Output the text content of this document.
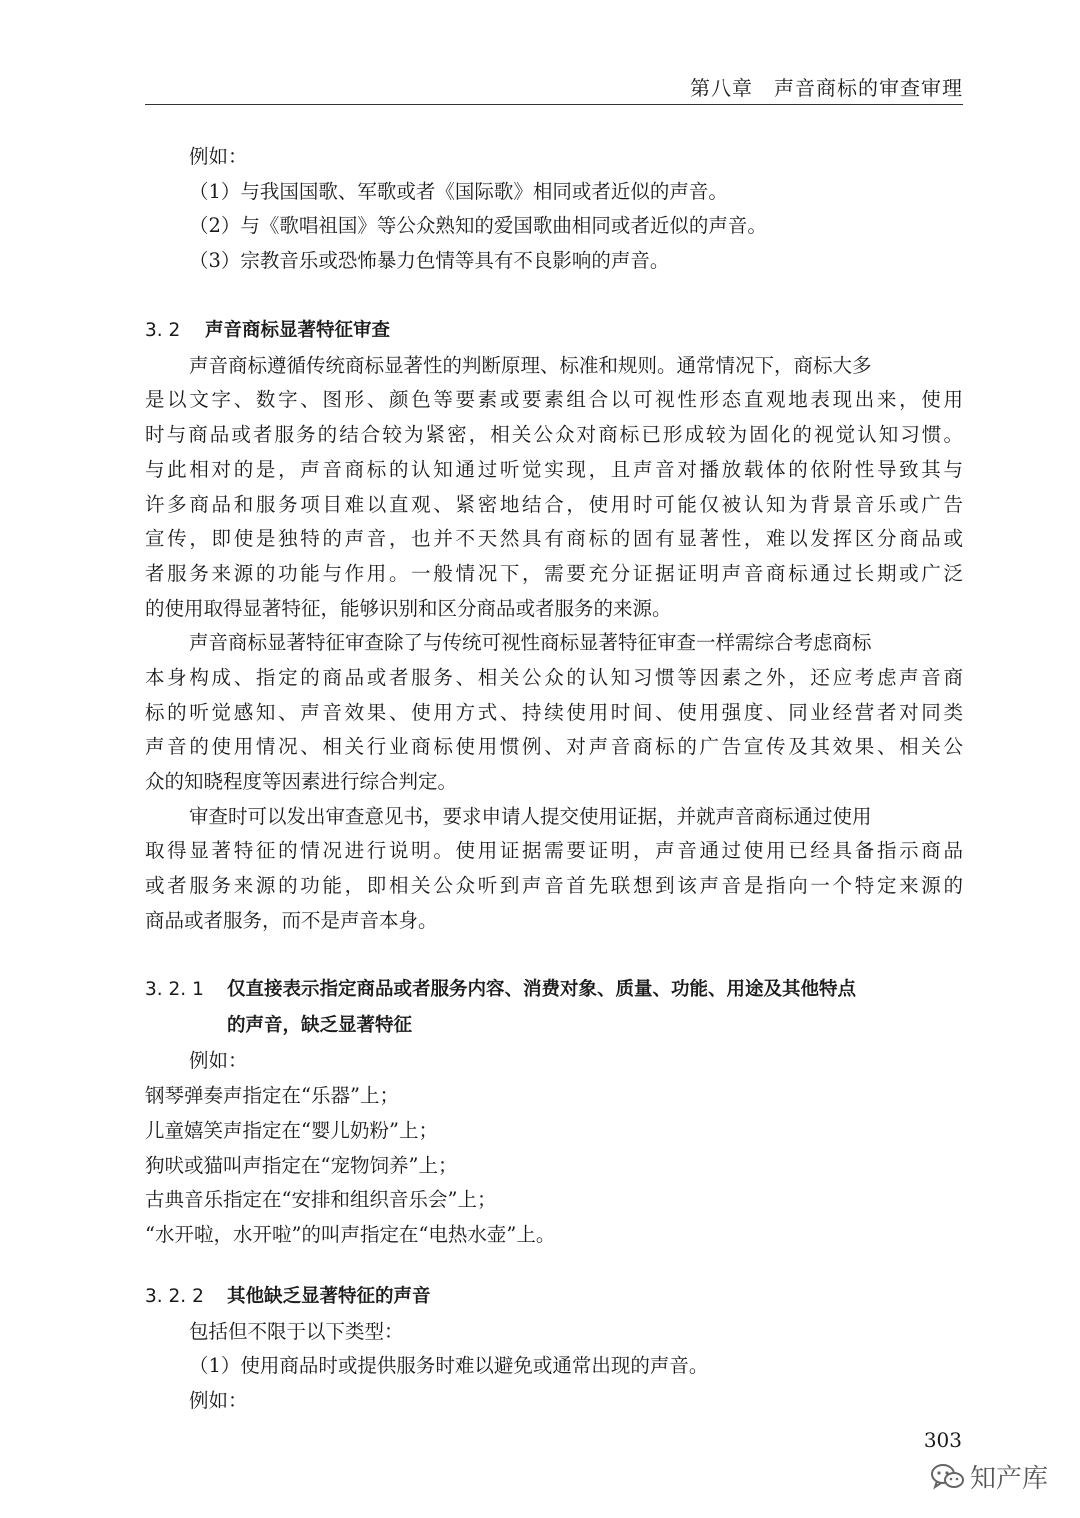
第八章　声音商标的审查审理
例如：
（1）与我国国歌、军歌或者《国际歌》相同或者近似的声音。
（2）与《歌唱祖国》等公众熟知的爱国歌曲相同或者近似的声音。
（3）宗教音乐或恐怖暴力色情等具有不良影响的声音。
3. 2 声音商标显著特征审查
声音商标遵循传统商标显著性的判断原理、标准和规则。通常情况下，商标大多
是以文字、数字、图形、颜色等要素或要素组合以可视性形态直观地表现出来，使用
时与商品或者服务的结合较为紧密，相关公众对商标已形成较为固化的视觉认知习惯。
与此相对的是，声音商标的认知通过听觉实现，且声音对播放载体的依附性导致其与
许多商品和服务项目难以直观、紧密地结合，使用时可能仅被认知为背景音乐或广告
宣传，即使是独特的声音，也并不天然具有商标的固有显著性，难以发挥区分商品或
者服务来源的功能与作用。一般情况下，需要充分证据证明声音商标通过长期或广泛
的使用取得显著特征，能够识别和区分商品或者服务的来源。
声音商标显著特征审查除了与传统可视性商标显著特征审查一样需综合考虑商标
本身构成、指定的商品或者服务、相关公众的认知习惯等因素之外，还应考虑声音商
标的听觉感知、声音效果、使用方式、持续使用时间、使用强度、同业经营者对同类
声音的使用情况、相关行业商标使用惯例、对声音商标的广告宣传及其效果、相关公
众的知晓程度等因素进行综合判定。
审查时可以发出审查意见书，要求申请人提交使用证据，并就声音商标通过使用
取得显著特征的情况进行说明。使用证据需要证明，声音通过使用已经具备指示商品
或者服务来源的功能，即相关公众听到声音首先联想到该声音是指向一个特定来源的
商品或者服务，而不是声音本身。
3. 2. 1 仅直接表示指定商品或者服务内容、消费对象、质量、功能、用途及其他特点
的声音，缺乏显著特征
例如：
钢琴弹奏声指定在“乐器”上；
儿童嬉笑声指定在“婴儿奶粉”上；
狗吠或猫叫声指定在“宠物饲养”上；
古典音乐指定在“安排和组织音乐会”上；
“水开啦，水开啦”的叫声指定在“电热水壶”上。
3. 2. 2 其他缺乏显著特征的声音
包括但不限于以下类型：
（1）使用商品时或提供服务时难以避免或通常出现的声音。
例如：
303
知产库
